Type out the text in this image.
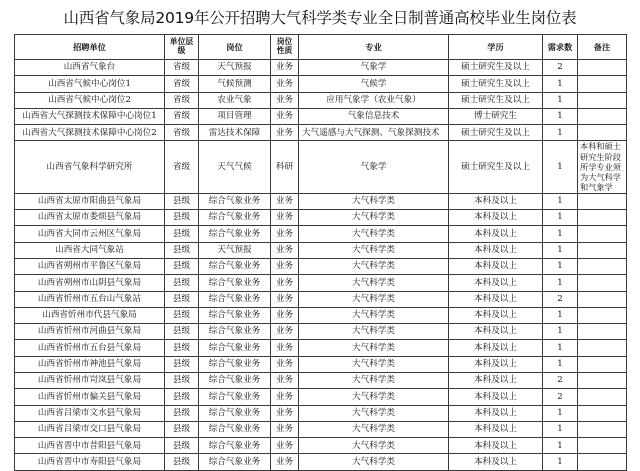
山西省气象局2019年公开招聘大气科学类专业全日制普通高校毕业生岗位表
招聘单位	单位层级	岗位	岗位性质	专业	学历	需求数	备注
山西省气象台	省级	天气预报	业务	气象学	硕士研究生及以上	2	
山西省气候中心岗位1	省级	气候预测	业务	气候学	硕士研究生及以上	1	
山西省气候中心岗位2	省级	农业气象	业务	应用气象学（农业气象）	硕士研究生及以上	1	
山西省大气探测技术保障中心岗位1	省级	项目管理	业务	气象信息技术	博士研究生	1	
山西省大气探测技术保障中心岗位2	省级	雷达技术保障	业务	大气遥感与大气探测、气象探测技术	硕士研究生及以上	1	
山西省气象科学研究所	省级	天气气候	科研	气象学	硕士研究生及以上	1	本科和硕士研究生阶段所学专业须为大气科学和气象学
山西省太原市阳曲县气象局	县级	综合气象业务	业务	大气科学类	本科及以上	1	
山西省太原市娄烦县气象局	县级	综合气象业务	业务	大气科学类	本科及以上	1	
山西省大同市云州区气象局	县级	综合气象业务	业务	大气科学类	本科及以上	1	
山西省大同气象站	县级	天气预报	业务	大气科学类	本科及以上	1	
山西省朔州市平鲁区气象局	县级	综合气象业务	业务	大气科学类	本科及以上	1	
山西省朔州市山阴县气象局	县级	综合气象业务	业务	大气科学类	本科及以上	1	
山西省忻州市五台山气象站	县级	综合气象业务	业务	大气科学类	本科及以上	2	
山西省忻州市代县气象局	县级	综合气象业务	业务	大气科学类	本科及以上	1	
山西省忻州市河曲县气象局	县级	综合气象业务	业务	大气科学类	本科及以上	1	
山西省忻州市五台县气象局	县级	综合气象业务	业务	大气科学类	本科及以上	1	
山西省忻州市神池县气象局	县级	综合气象业务	业务	大气科学类	本科及以上	1	
山西省忻州市岢岚县气象局	县级	综合气象业务	业务	大气科学类	本科及以上	2	
山西省忻州市偏关县气象局	县级	综合气象业务	业务	大气科学类	本科及以上	2	
山西省吕梁市文水县气象局	县级	综合气象业务	业务	大气科学类	本科及以上	1	
山西省吕梁市交口县气象局	县级	综合气象业务	业务	大气科学类	本科及以上	1	
山西省晋中市昔阳县气象局	县级	综合气象业务	业务	大气科学类	本科及以上	1	
山西省晋中市寿阳县气象局	县级	综合气象业务	业务	大气科学类	本科及以上	1	
